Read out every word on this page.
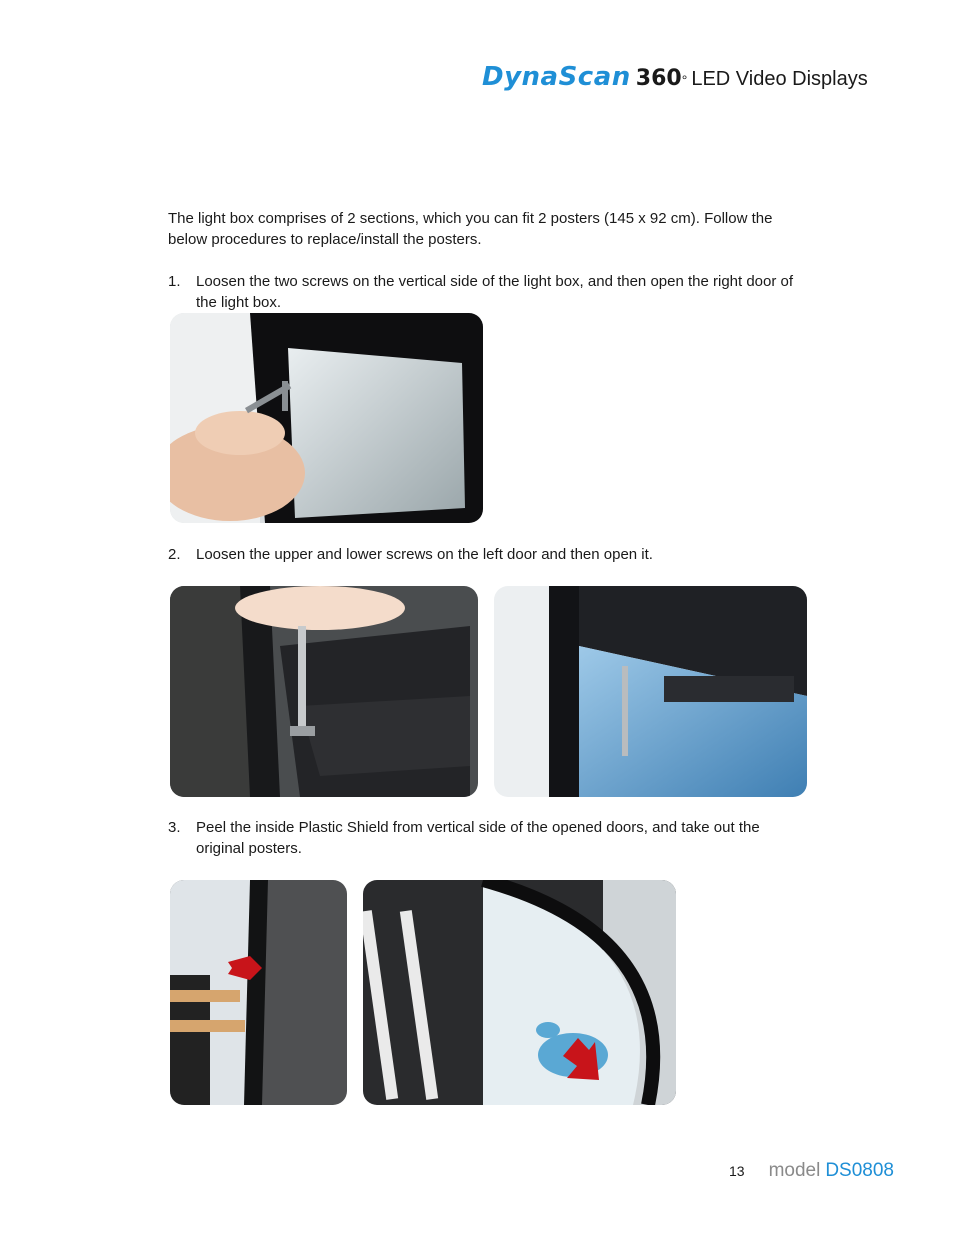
DynaScan 360 ° LED Video Displays
The light box comprises of 2 sections, which you can fit 2 posters (145 x 92 cm). Follow the
below procedures to replace/install the posters.
1.	Loosen the two screws on the vertical side of the light box, and then open the right door of
the light box.
2.	Loosen the upper and lower screws on the left door and then open it.
3.	Peel the inside Plastic Shield from vertical side of the opened doors, and take out the
original posters.
13 model DS0808
